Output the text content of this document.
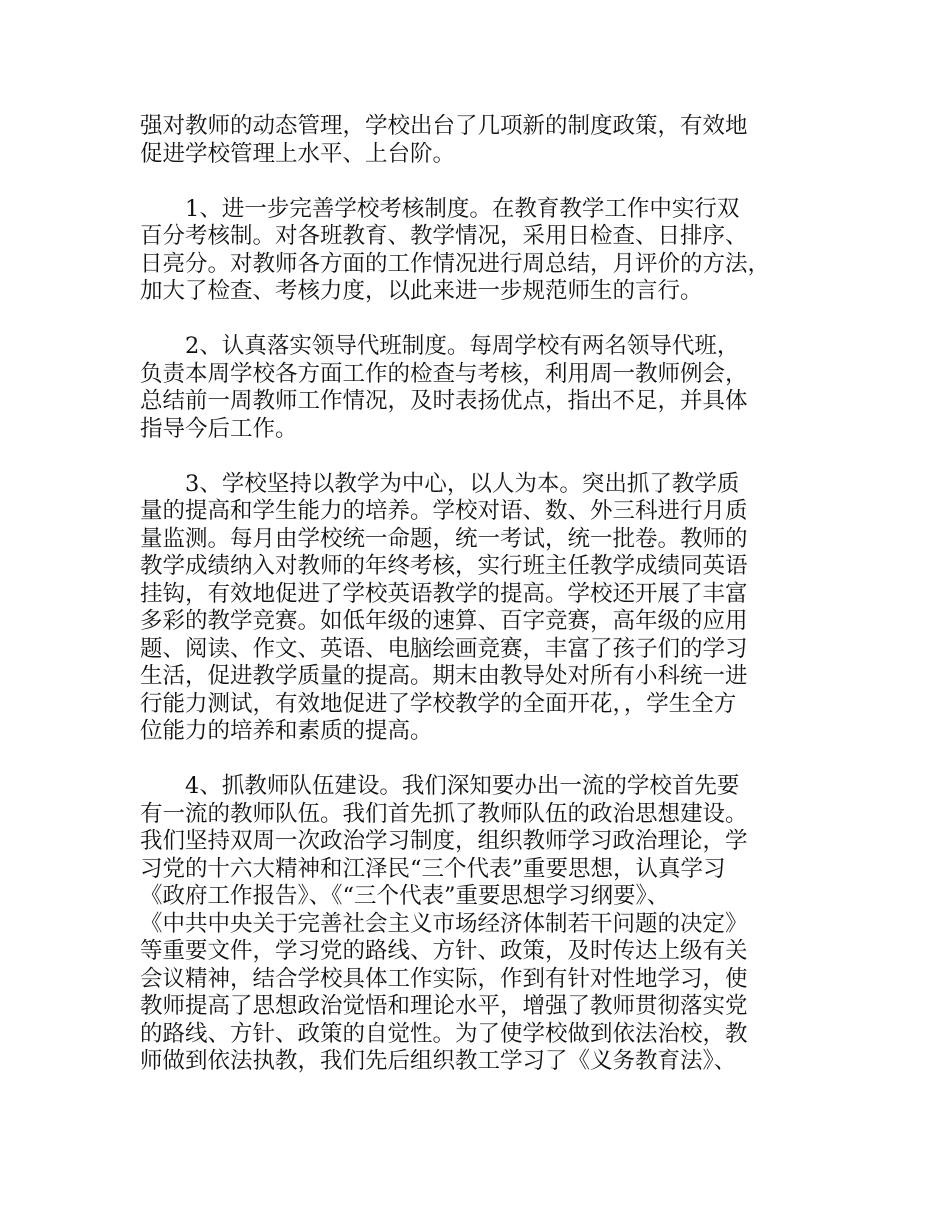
强对教师的动态管理，学校出台了几项新的制度政策，有效地
促进学校管理上水平、上台阶。
1、进一步完善学校考核制度。在教育教学工作中实行双
百分考核制。对各班教育、教学情况，采用日检查、日排序、
日亮分。对教师各方面的工作情况进行周总结，月评价的方法，
加大了检查、考核力度，以此来进一步规范师生的言行。
2、认真落实领导代班制度。每周学校有两名领导代班，
负责本周学校各方面工作的检查与考核，利用周一教师例会，
总结前一周教师工作情况，及时表扬优点，指出不足，并具体
指导今后工作。
3、学校坚持以教学为中心，以人为本。突出抓了教学质
量的提高和学生能力的培养。学校对语、数、外三科进行月质
量监测。每月由学校统一命题，统一考试，统一批卷。教师的
教学成绩纳入对教师的年终考核，实行班主任教学成绩同英语
挂钩，有效地促进了学校英语教学的提高。学校还开展了丰富
多彩的教学竞赛。如低年级的速算、百字竞赛，高年级的应用
题、阅读、作文、英语、电脑绘画竞赛，丰富了孩子们的学习
生活，促进教学质量的提高。期末由教导处对所有小科统一进
行能力测试，有效地促进了学校教学的全面开花，，学生全方
位能力的培养和素质的提高。
4、抓教师队伍建设。我们深知要办出一流的学校首先要
有一流的教师队伍。我们首先抓了教师队伍的政治思想建设。
我们坚持双周一次政治学习制度，组织教师学习政治理论，学
习党的十六大精神和江泽民“三个代表”重要思想，认真学习
《政府工作报告》、《“三个代表”重要思想学习纲要》、
《中共中央关于完善社会主义市场经济体制若干问题的决定》
等重要文件，学习党的路线、方针、政策，及时传达上级有关
会议精神，结合学校具体工作实际，作到有针对性地学习，使
教师提高了思想政治觉悟和理论水平，增强了教师贯彻落实党
的路线、方针、政策的自觉性。为了使学校做到依法治校，教
师做到依法执教，我们先后组织教工学习了《义务教育法》、
